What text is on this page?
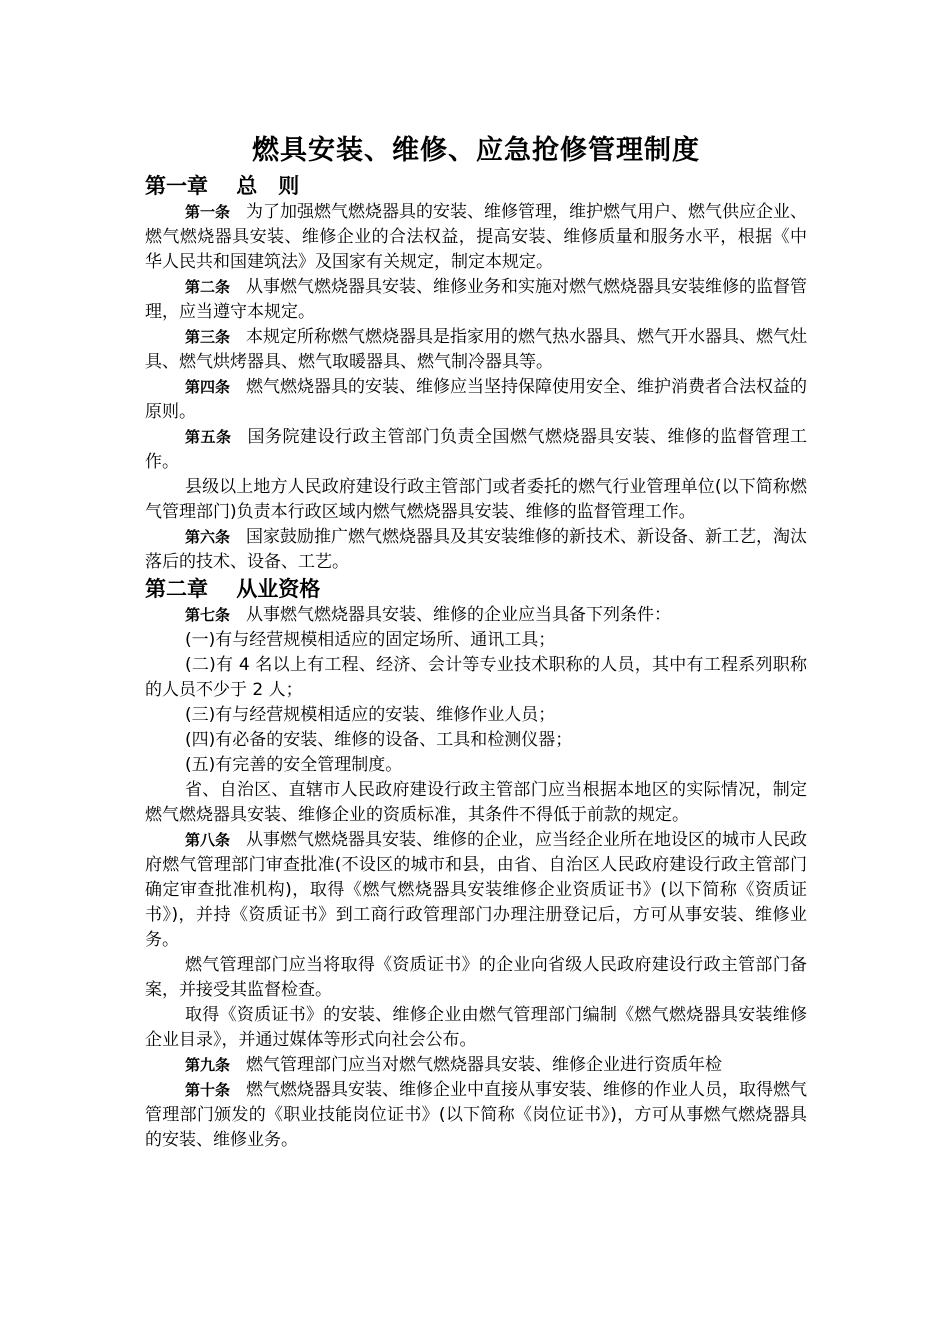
燃具安装、维修、应急抢修管理制度
第一章　 总　则

第一条 为了加强燃气燃烧器具的安装、维修管理，维护燃气用户、燃气供应企业、燃气燃烧器具安装、维修企业的合法权益，提高安装、维修质量和服务水平，根据《中华人民共和国建筑法》及国家有关规定，制定本规定。

第二条 从事燃气燃烧器具安装、维修业务和实施对燃气燃烧器具安装维修的监督管理，应当遵守本规定。

第三条 本规定所称燃气燃烧器具是指家用的燃气热水器具、燃气开水器具、燃气灶具、燃气烘烤器具、燃气取暖器具、燃气制冷器具等。

第四条 燃气燃烧器具的安装、维修应当坚持保障使用安全、维护消费者合法权益的原则。

第五条 国务院建设行政主管部门负责全国燃气燃烧器具安装、维修的监督管理工作。

县级以上地方人民政府建设行政主管部门或者委托的燃气行业管理单位(以下简称燃气管理部门)负责本行政区域内燃气燃烧器具安装、维修的监督管理工作。

第六条 国家鼓励推广燃气燃烧器具及其安装维修的新技术、新设备、新工艺，淘汰落后的技术、设备、工艺。

第二章　 从业资格

第七条 从事燃气燃烧器具安装、维修的企业应当具备下列条件：

(一)有与经营规模相适应的固定场所、通讯工具；

(二)有 4 名以上有工程、经济、会计等专业技术职称的人员，其中有工程系列职称的人员不少于 2 人；

(三)有与经营规模相适应的安装、维修作业人员；

(四)有必备的安装、维修的设备、工具和检测仪器；

(五)有完善的安全管理制度。

省、自治区、直辖市人民政府建设行政主管部门应当根据本地区的实际情况，制定燃气燃烧器具安装、维修企业的资质标准，其条件不得低于前款的规定。

第八条 从事燃气燃烧器具安装、维修的企业，应当经企业所在地设区的城市人民政府燃气管理部门审查批准(不设区的城市和县，由省、自治区人民政府建设行政主管部门确定审查批准机构)，取得《燃气燃烧器具安装维修企业资质证书》(以下简称《资质证书》)，并持《资质证书》到工商行政管理部门办理注册登记后，方可从事安装、维修业务。

燃气管理部门应当将取得《资质证书》的企业向省级人民政府建设行政主管部门备案，并接受其监督检查。

取得《资质证书》的安装、维修企业由燃气管理部门编制《燃气燃烧器具安装维修企业目录》，并通过媒体等形式向社会公布。

第九条 燃气管理部门应当对燃气燃烧器具安装、维修企业进行资质年检

第十条 燃气燃烧器具安装、维修企业中直接从事安装、维修的作业人员，取得燃气管理部门颁发的《职业技能岗位证书》(以下简称《岗位证书》)，方可从事燃气燃烧器具的安装、维修业务。
